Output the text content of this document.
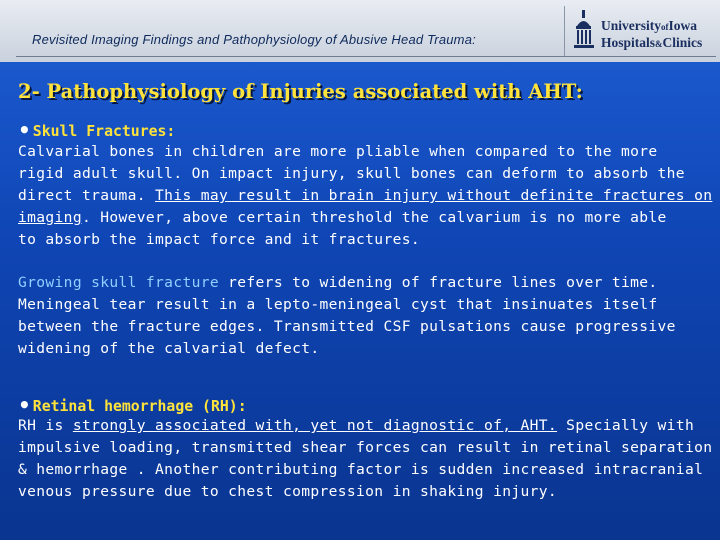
Revisited Imaging Findings and Pathophysiology of Abusive Head Trauma:
UniversityofIowa
Hospitals&Clinics
2- Pathophysiology of Injuries associated with AHT:
• Skull Fractures:
Calvarial bones in children are more pliable when compared to the more
rigid adult skull. On impact injury, skull bones can deform to absorb the
direct trauma. This may result in brain injury without definite fractures on
imaging. However, above certain threshold the calvarium is no more able
to absorb the impact force and it fractures.
Growing skull fracture refers to widening of fracture lines over time.
Meningeal tear result in a lepto-meningeal cyst that insinuates itself
between the fracture edges. Transmitted CSF pulsations cause progressive
widening of the calvarial defect.
• Retinal hemorrhage (RH):
RH is strongly associated with, yet not diagnostic of, AHT. Specially with
impulsive loading, transmitted shear forces can result in retinal separation
& hemorrhage . Another contributing factor is sudden increased intracranial
venous pressure due to chest compression in shaking injury.
